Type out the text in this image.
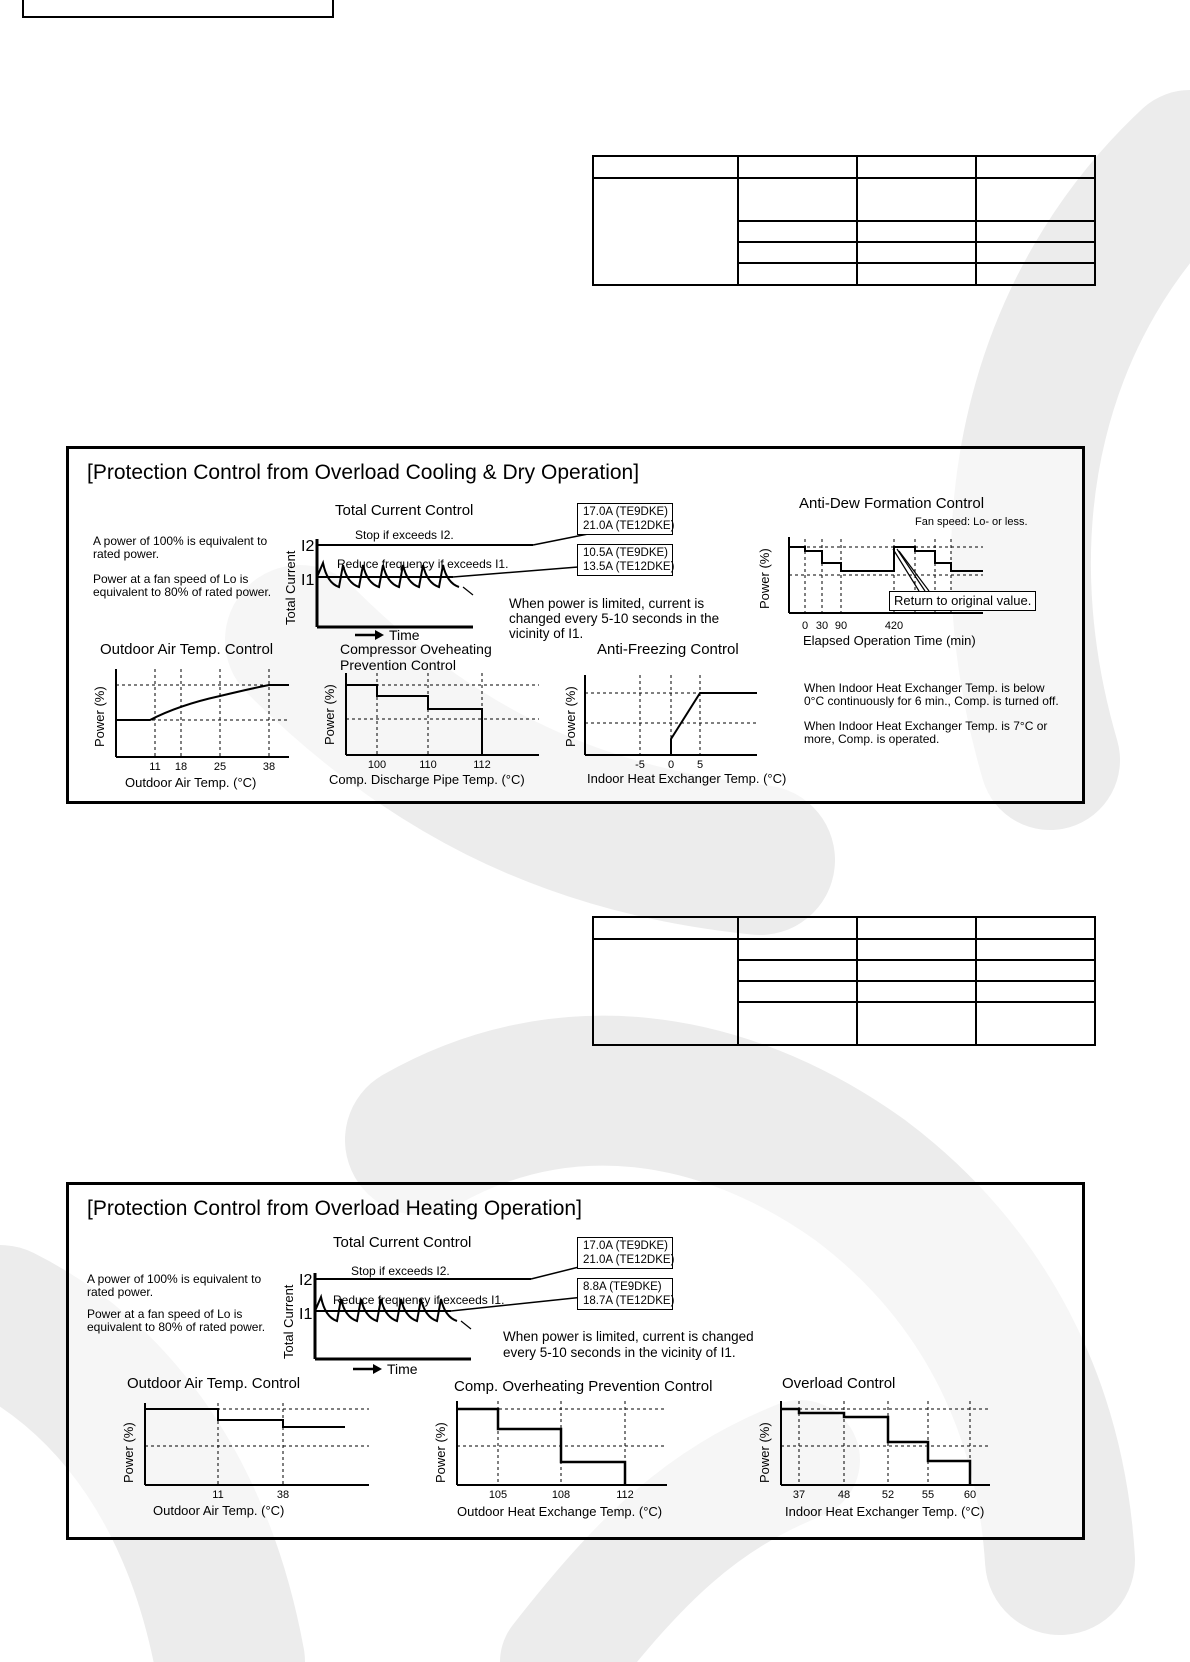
[Protection Control from Overload Cooling & Dry Operation]
A power of 100% is equivalent to rated power.
Power at a fan speed of Lo is equivalent to 80% of rated power.
Total Current Control
Total Current
I2
I1
Time
Stop if exceeds I2.
Reduce frequency if exceeds I1.
17.0A (TE9DKE)
21.0A (TE12DKE)
10.5A (TE9DKE)
13.5A (TE12DKE)
When power is limited, current is changed every 5-10 seconds in the vicinity of I1.
Anti-Dew Formation Control
Fan speed: Lo- or less.
Power (%)
0 30 90	420
Elapsed Operation Time (min)
Return to original value.
Outdoor Air Temp. Control
Power (%)
11 18 25	38
Outdoor Air Temp. (°C)
Compressor Oveheating Prevention Control
Power (%)
100	110	112
Comp. Discharge Pipe Temp. (°C)
Anti-Freezing Control
Power (%)
-5 0 5
Indoor Heat Exchanger Temp. (°C)
When Indoor Heat Exchanger Temp. is below 0°C continuously for 6 min., Comp. is turned off.
When Indoor Heat Exchanger Temp. is 7°C or more, Comp. is operated.
[Protection Control from Overload Heating Operation]
A power of 100% is equivalent to rated power.
Power at a fan speed of Lo is equivalent to 80% of rated power.
Total Current Control
Total Current
I2
I1
Time
Stop if exceeds I2.
Reduce frequency if exceeds I1.
17.0A (TE9DKE)
21.0A (TE12DKE)
8.8A (TE9DKE)
18.7A (TE12DKE)
When power is limited, current is changed every 5-10 seconds in the vicinity of I1.
Outdoor Air Temp. Control
Power (%)
11	38
Outdoor Air Temp. (°C)
Comp. Overheating Prevention Control
Power (%)
105	108	112
Outdoor Heat Exchange Temp. (°C)
Overload Control
Power (%)
37	48	52	55	60
Indoor Heat Exchanger Temp. (°C)
